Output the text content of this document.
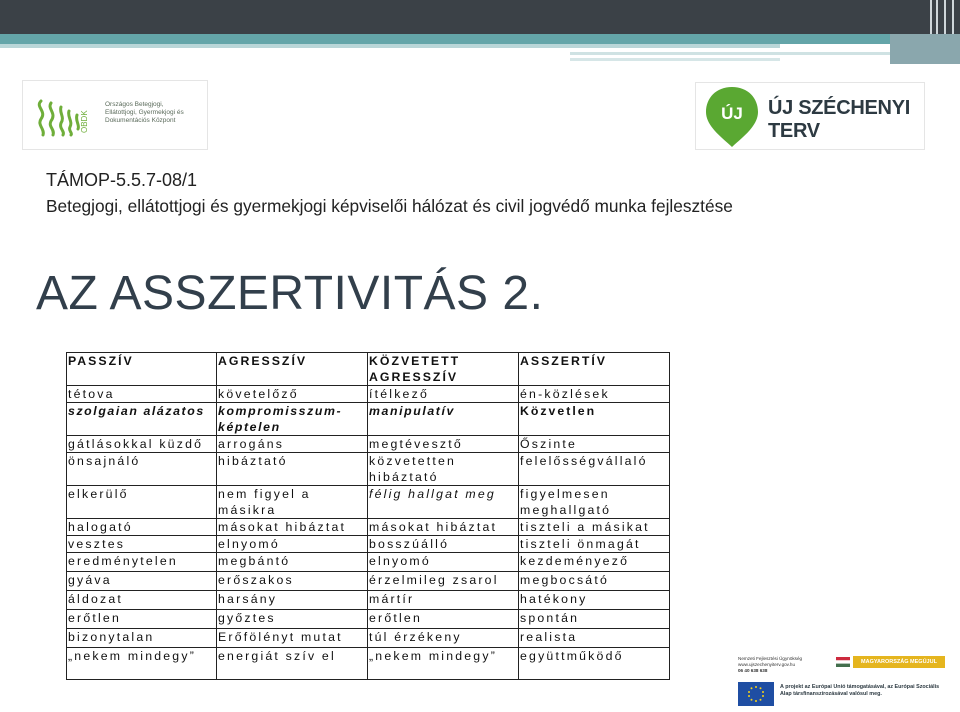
OBDK
Országos Betegjogi,
Ellátottjogi, Gyermekjogi és
Dokumentációs Központ	ÚJ ÚJ SZÉCHENYI TERV
TÁMOP-5.5.7-08/1
Betegjogi, ellátottjogi és gyermekjogi képviselői hálózat és civil jogvédő munka fejlesztése
AZ ASSZERTIVITÁS 2.
PASSZÍV	AGRESSZÍV	KÖZVETETT AGRESSZÍV	ASSZERTÍV
tétova	követelőző	ítélkező	én-közlések
szolgaian alázatos	kompromisszum-képtelen	manipulatív	Közvetlen
gátlásokkal küzdő	arrogáns	megtévesztő	Őszinte
önsajnáló	hibáztató	közvetetten hibáztató	felelősségvállaló
elkerülő	nem figyel a másikra	félig hallgat meg	figyelmesen meghallgató
halogató	másokat hibáztat	másokat hibáztat	tiszteli a másikat
vesztes	elnyomó	bosszúálló	tiszteli önmagát
eredménytelen	megbántó	elnyomó	kezdeményező
gyáva	erőszakos	érzelmileg zsarol	megbocsátó
áldozat	harsány	mártír	hatékony
erőtlen	győztes	erőtlen	spontán
bizonytalan	Erőfölényt mutat	túl érzékeny	realista
„nekem mindegy”	energiát szív el	„nekem mindegy”	együttműködő	Nemzeti Fejlesztési Ügynökség
www.ujszechenyiterv.gov.hu
06 40 638 638
MAGYARORSZÁG MEGÚJUL
A projekt az Európai Unió támogatásával, az Európai Szociális Alap társfinanszírozásával valósul meg.
